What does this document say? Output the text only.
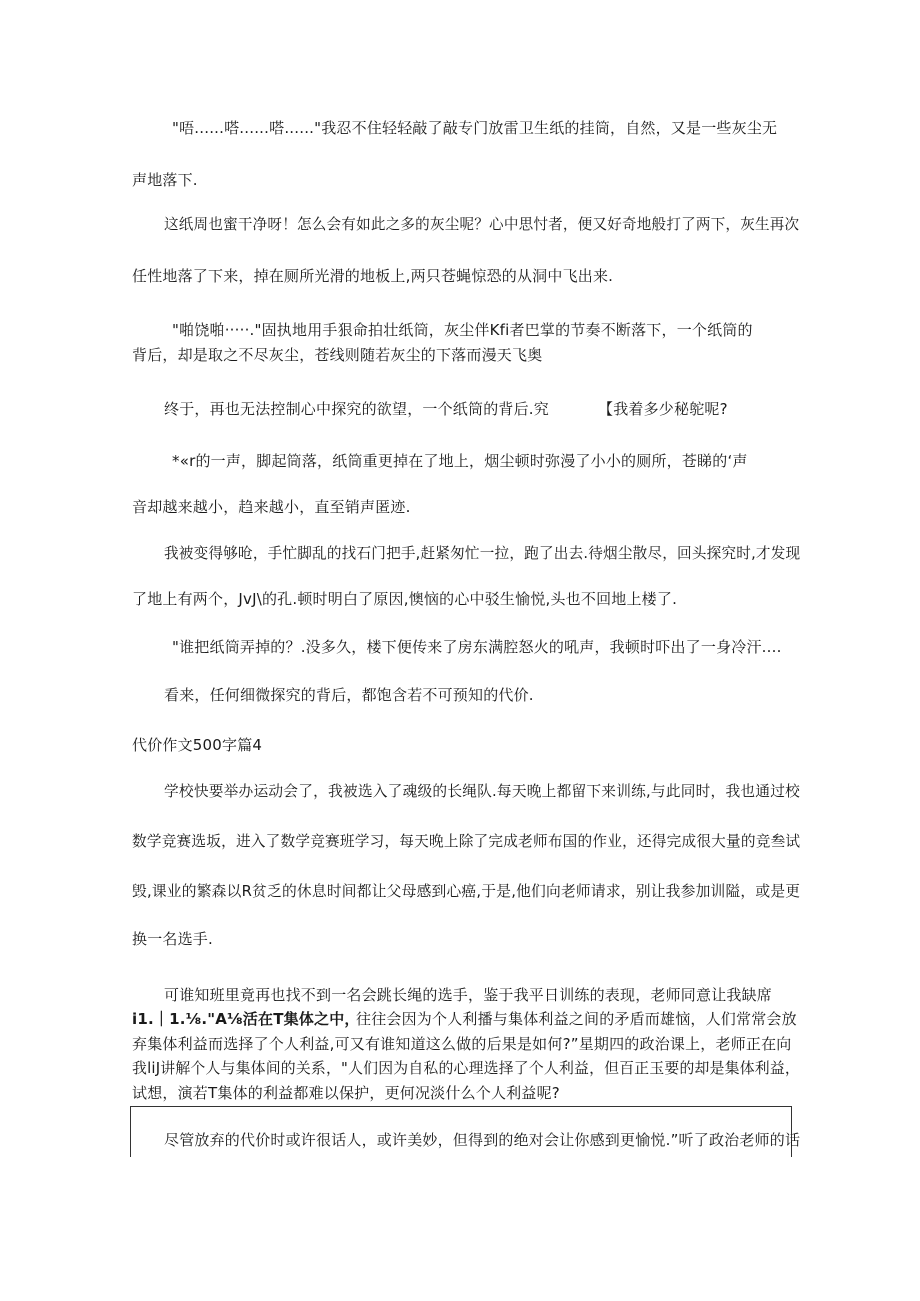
"唔......嗒......嗒......"我忍不住轻轻敲了敲专门放雷卫生纸的挂筒，自然，又是一些灰尘无
声地落下.
这纸周也蜜干净呀！怎么会有如此之多的灰尘呢？心中思忖者，便又好奇地般打了两下，灰生再次
任性地落了下来，掉在厕所光滑的地板上,两只苍蝇惊恐的从洞中飞出来.
"啪饶啪·····."固执地用手狠命拍壮纸筒，灰尘伴Kfi者巴掌的节奏不断落下，一个纸筒的
背后，却是取之不尽灰尘，苍线则随若灰尘的下落而漫天飞奥
终于，再也无法控制心中探究的欲望，一个纸筒的背后.究	【我着多少秘鸵呢?
*«r的一声，脚起筒落，纸筒重更掉在了地上，烟尘顿时弥漫了小小的厕所，苍睇的‘声
音却越来越小，趋来越小，直至销声匿迹.
我被变得够呛，手忙脚乱的找石门把手,赶紧匆忙一拉，跑了出去.待烟尘散尽，回头探究时,才发现
了地上有两个，JvJ\的孔.顿时明白了原因,懊恼的心中驳生愉悦,头也不回地上楼了.
"谁把纸筒弄掉的？.没多久，楼下便传来了房东满腔怒火的吼声，我顿时吓出了一身冷汗....
看来，任何细微探究的背后，都饱含若不可预知的代价.
代价作文500字篇4
学校快要举办运动会了，我被选入了魂级的长绳队.每天晚上都留下来训练,与此同时，我也通过校
数学竞赛选坂，进入了数学竞赛班学习，每天晚上除了完成老师布国的作业，还得完成很大量的竞叁试
毁,课业的繁森以R贫乏的休息时间都让父母感到心癌,于是,他们向老师请求，别让我参加训隘，或是更
换一名选手.
可谁知班里竟再也找不到一名会跳长绳的选手，鉴于我平日训练的表现，老师同意让我缺席
i1.｜1.⅛."A⅛活在T集体之中，
往往会因为个人利播与集体利益之间的矛盾而雄恼，人们常常会放
弃集体利益而选择了个人利益,可又有谁知道这么做的后果是如何?”星期四的政治课上，老师正在向
我liJ讲解个人与集体间的关系，"人们因为自私的心理选择了个人利益，但百正玉要的却是集体利益，
试想，演若T集体的利益都难以保护，更何况淡什么个人利益呢?
尽管放弃的代价时或许很话人，或许美妙，但得到的绝对会让你感到更愉悦.”听了政治老师的话
